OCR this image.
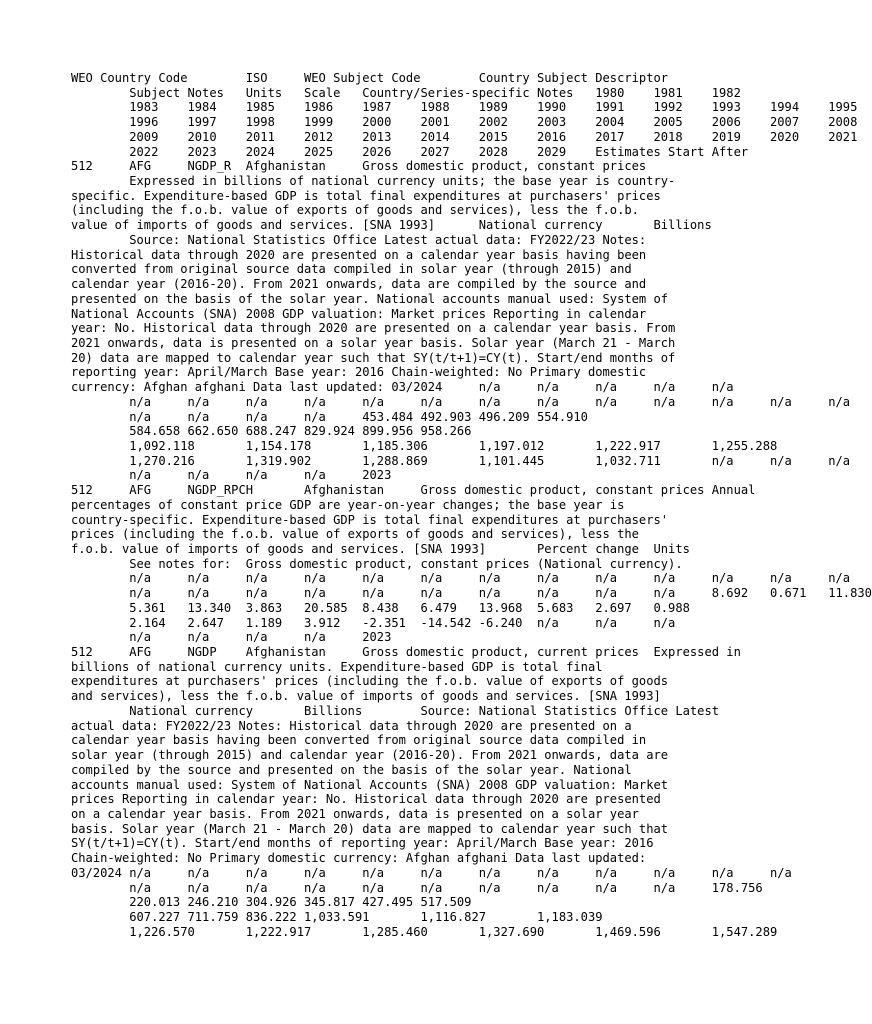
WEO Country Code	ISO	WEO Subject Code	Country	Subject Descriptor
	Subject Notes	Units	Scale	Country/Series-specific Notes	1980	1981	1982
	1983	1984	1985	1986	1987	1988	1989	1990	1991	1992	1993	1994	1995
	1996	1997	1998	1999	2000	2001	2002	2003	2004	2005	2006	2007	2008
	2009	2010	2011	2012	2013	2014	2015	2016	2017	2018	2019	2020	2021
	2022	2023	2024	2025	2026	2027	2028	2029	Estimates Start After
512	AFG	NGDP_R	Afghanistan	Gross domestic product, constant prices
	Expressed in billions of national currency units; the base year is country-
specific. Expenditure-based GDP is total final expenditures at purchasers' prices
(including the f.o.b. value of exports of goods and services), less the f.o.b.
value of imports of goods and services. [SNA 1993]	National currency	Billions
	Source: National Statistics Office Latest actual data: FY2022/23 Notes:
Historical data through 2020 are presented on a calendar year basis having been
converted from original source data compiled in solar year (through 2015) and
calendar year (2016-20). From 2021 onwards, data are compiled by the source and
presented on the basis of the solar year. National accounts manual used: System of
National Accounts (SNA) 2008 GDP valuation: Market prices Reporting in calendar
year: No. Historical data through 2020 are presented on a calendar year basis. From
2021 onwards, data is presented on a solar year basis. Solar year (March 21 - March
20) data are mapped to calendar year such that SY(t/t+1)=CY(t). Start/end months of
reporting year: April/March Base year: 2016 Chain-weighted: No Primary domestic
currency: Afghan afghani Data last updated: 03/2024	n/a	n/a	n/a	n/a	n/a
	n/a	n/a	n/a	n/a	n/a	n/a	n/a	n/a	n/a	n/a	n/a	n/a	n/a
	n/a	n/a	n/a	n/a	453.484	492.903	496.209	554.910
	584.658	662.650	688.247	829.924	899.956	958.266
	1,092.118	1,154.178	1,185.306	1,197.012	1,222.917	1,255.288
	1,270.216	1,319.902	1,288.869	1,101.445	1,032.711	n/a	n/a	n/a
	n/a	n/a	n/a	n/a	2023
512	AFG	NGDP_RPCH	Afghanistan	Gross domestic product, constant prices	Annual
percentages of constant price GDP are year-on-year changes; the base year is
country-specific. Expenditure-based GDP is total final expenditures at purchasers'
prices (including the f.o.b. value of exports of goods and services), less the
f.o.b. value of imports of goods and services. [SNA 1993]	Percent change	Units
	See notes for:  Gross domestic product, constant prices (National currency).
	n/a	n/a	n/a	n/a	n/a	n/a	n/a	n/a	n/a	n/a	n/a	n/a	n/a
	n/a	n/a	n/a	n/a	n/a	n/a	n/a	n/a	n/a	n/a	8.692	0.671	11.830
	5.361	13.340	3.863	20.585	8.438	6.479	13.968	5.683	2.697	0.988
	2.164	2.647	1.189	3.912	-2.351	-14.542	-6.240	n/a	n/a	n/a
	n/a	n/a	n/a	n/a	2023
512	AFG	NGDP	Afghanistan	Gross domestic product, current prices	Expressed in
billions of national currency units. Expenditure-based GDP is total final
expenditures at purchasers' prices (including the f.o.b. value of exports of goods
and services), less the f.o.b. value of imports of goods and services. [SNA 1993]
	National currency	Billions	Source: National Statistics Office Latest
actual data: FY2022/23 Notes: Historical data through 2020 are presented on a
calendar year basis having been converted from original source data compiled in
solar year (through 2015) and calendar year (2016-20). From 2021 onwards, data are
compiled by the source and presented on the basis of the solar year. National
accounts manual used: System of National Accounts (SNA) 2008 GDP valuation: Market
prices Reporting in calendar year: No. Historical data through 2020 are presented
on a calendar year basis. From 2021 onwards, data is presented on a solar year
basis. Solar year (March 21 - March 20) data are mapped to calendar year such that
SY(t/t+1)=CY(t). Start/end months of reporting year: April/March Base year: 2016
Chain-weighted: No Primary domestic currency: Afghan afghani Data last updated:
03/2024	n/a	n/a	n/a	n/a	n/a	n/a	n/a	n/a	n/a	n/a	n/a	n/a
	n/a	n/a	n/a	n/a	n/a	n/a	n/a	n/a	n/a	n/a	178.756
	220.013	246.210	304.926	345.817	427.495	517.509
	607.227	711.759	836.222	1,033.591	1,116.827	1,183.039
	1,226.570	1,222.917	1,285.460	1,327.690	1,469.596	1,547.289
